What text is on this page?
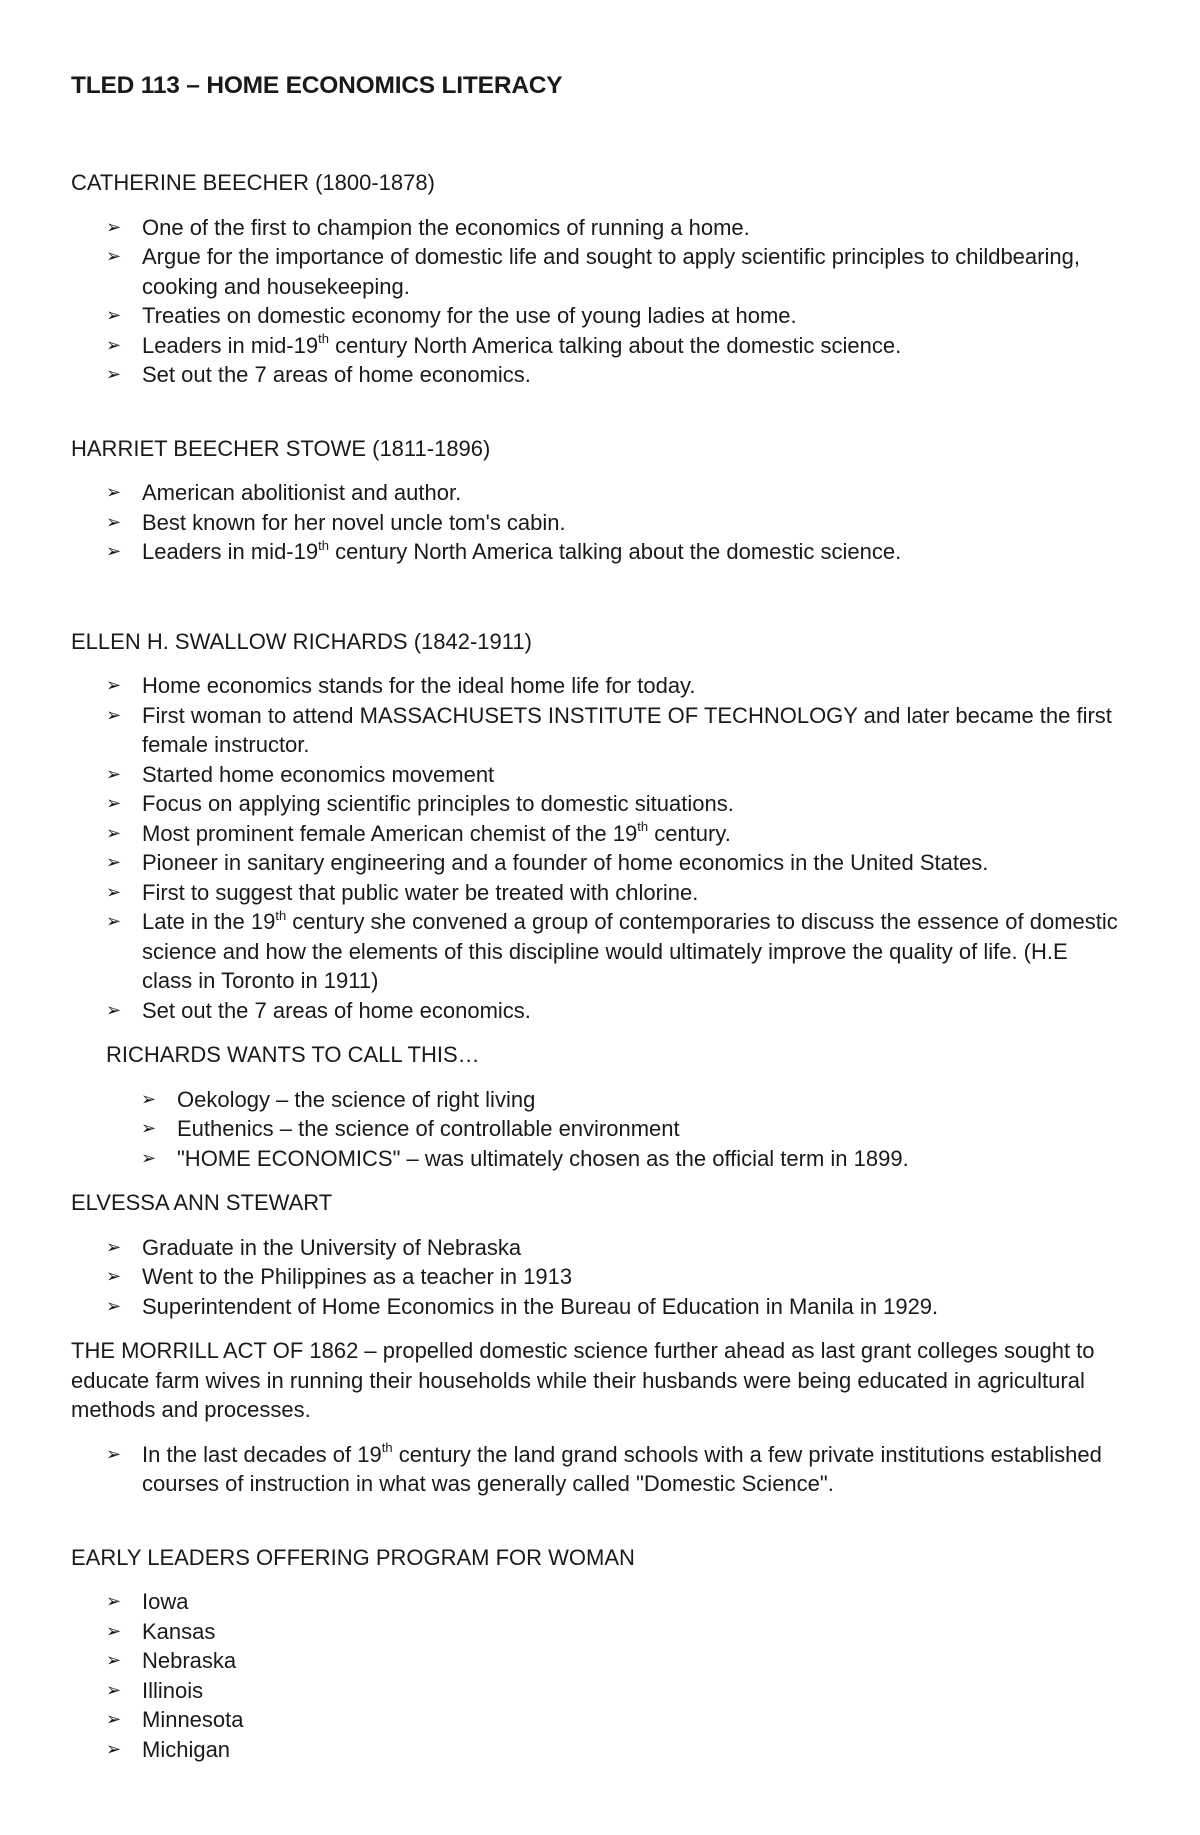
TLED 113 – HOME ECONOMICS LITERACY
CATHERINE BEECHER (1800-1878)
➢ One of the first to champion the economics of running a home.
➢ Argue for the importance of domestic life and sought to apply scientific principles to childbearing, cooking and housekeeping.
➢ Treaties on domestic economy for the use of young ladies at home.
➢ Leaders in mid-19th century North America talking about the domestic science.
➢ Set out the 7 areas of home economics.
HARRIET BEECHER STOWE (1811-1896)
➢ American abolitionist and author.
➢ Best known for her novel uncle tom's cabin.
➢ Leaders in mid-19th century North America talking about the domestic science.
ELLEN H. SWALLOW RICHARDS (1842-1911)
➢ Home economics stands for the ideal home life for today.
➢ First woman to attend MASSACHUSETS INSTITUTE OF TECHNOLOGY and later became the first female instructor.
➢ Started home economics movement
➢ Focus on applying scientific principles to domestic situations.
➢ Most prominent female American chemist of the 19th century.
➢ Pioneer in sanitary engineering and a founder of home economics in the United States.
➢ First to suggest that public water be treated with chlorine.
➢ Late in the 19th century she convened a group of contemporaries to discuss the essence of domestic science and how the elements of this discipline would ultimately improve the quality of life. (H.E class in Toronto in 1911)
➢ Set out the 7 areas of home economics.
RICHARDS WANTS TO CALL THIS…
➢ Oekology – the science of right living
➢ Euthenics – the science of controllable environment
➢ "HOME ECONOMICS" – was ultimately chosen as the official term in 1899.
ELVESSA ANN STEWART
➢ Graduate in the University of Nebraska
➢ Went to the Philippines as a teacher in 1913
➢ Superintendent of Home Economics in the Bureau of Education in Manila in 1929.
THE MORRILL ACT OF 1862 – propelled domestic science further ahead as last grant colleges sought to educate farm wives in running their households while their husbands were being educated in agricultural methods and processes.
➢ In the last decades of 19th century the land grand schools with a few private institutions established courses of instruction in what was generally called "Domestic Science".
EARLY LEADERS OFFERING PROGRAM FOR WOMAN
➢ Iowa
➢ Kansas
➢ Nebraska
➢ Illinois
➢ Minnesota
➢ Michigan
